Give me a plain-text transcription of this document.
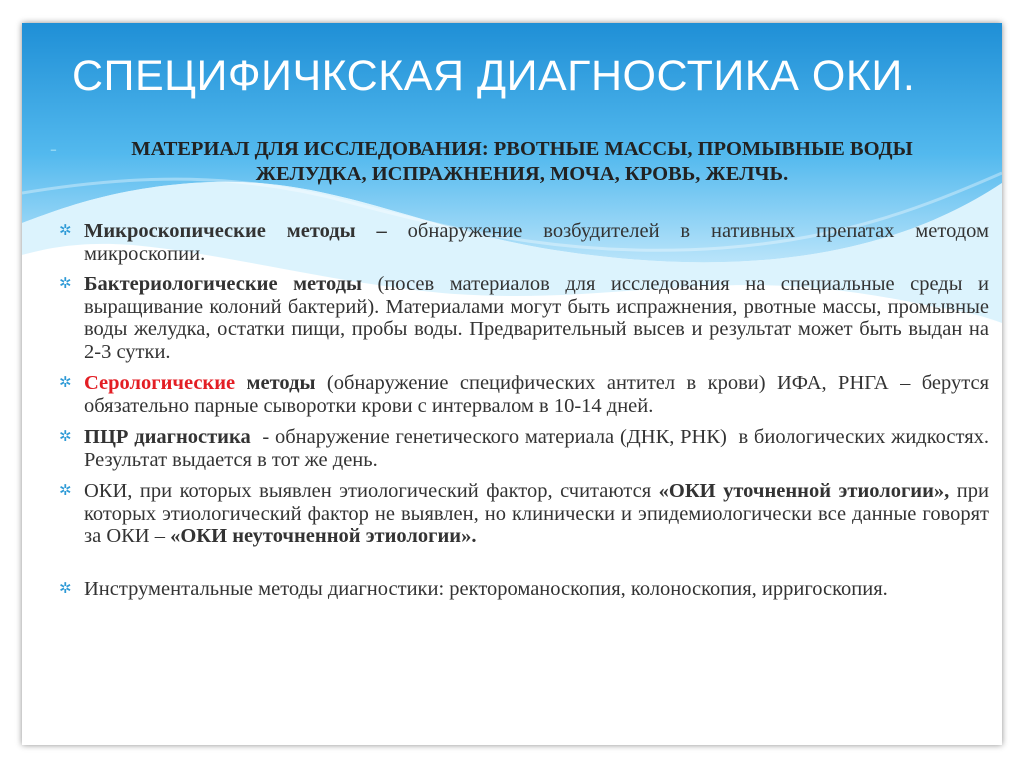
СПЕЦИФИЧКСКАЯ ДИАГНОСТИКА ОКИ.
-	МАТЕРИАЛ ДЛЯ ИССЛЕДОВАНИЯ: РВОТНЫЕ МАССЫ, ПРОМЫВНЫЕ ВОДЫ
ЖЕЛУДКА, ИСПРАЖНЕНИЯ, МОЧА, КРОВЬ, ЖЕЛЧЬ.

✲ Микроскопические методы – обнаружение возбудителей в нативных препатах методом микроскопии.

✲ Бактериологические методы (посев материалов для исследования на специальные среды и выращивание колоний бактерий). Материалами могут быть испражнения, рвотные массы, промывные воды желудка, остатки пищи, пробы воды. Предварительный высев и результат может быть выдан на 2-3 сутки.

✲ Серологические методы (обнаружение специфических антител в крови) ИФА, РНГА – берутся обязательно парные сыворотки крови с интервалом в 10-14 дней.

✲ ПЦР диагностика  - обнаружение генетического материала (ДНК, РНК)  в биологических жидкостях. Результат выдается в тот же день.

✲ ОКИ, при которых выявлен этиологический фактор, считаются «ОКИ уточненной этиологии», при которых этиологический фактор не выявлен, но клинически и эпидемиологически все данные говорят за ОКИ – «ОКИ неуточненной этиологии».

✲ Инструментальные методы диагностики: ректороманоскопия, колоноскопия, ирригоскопия.
